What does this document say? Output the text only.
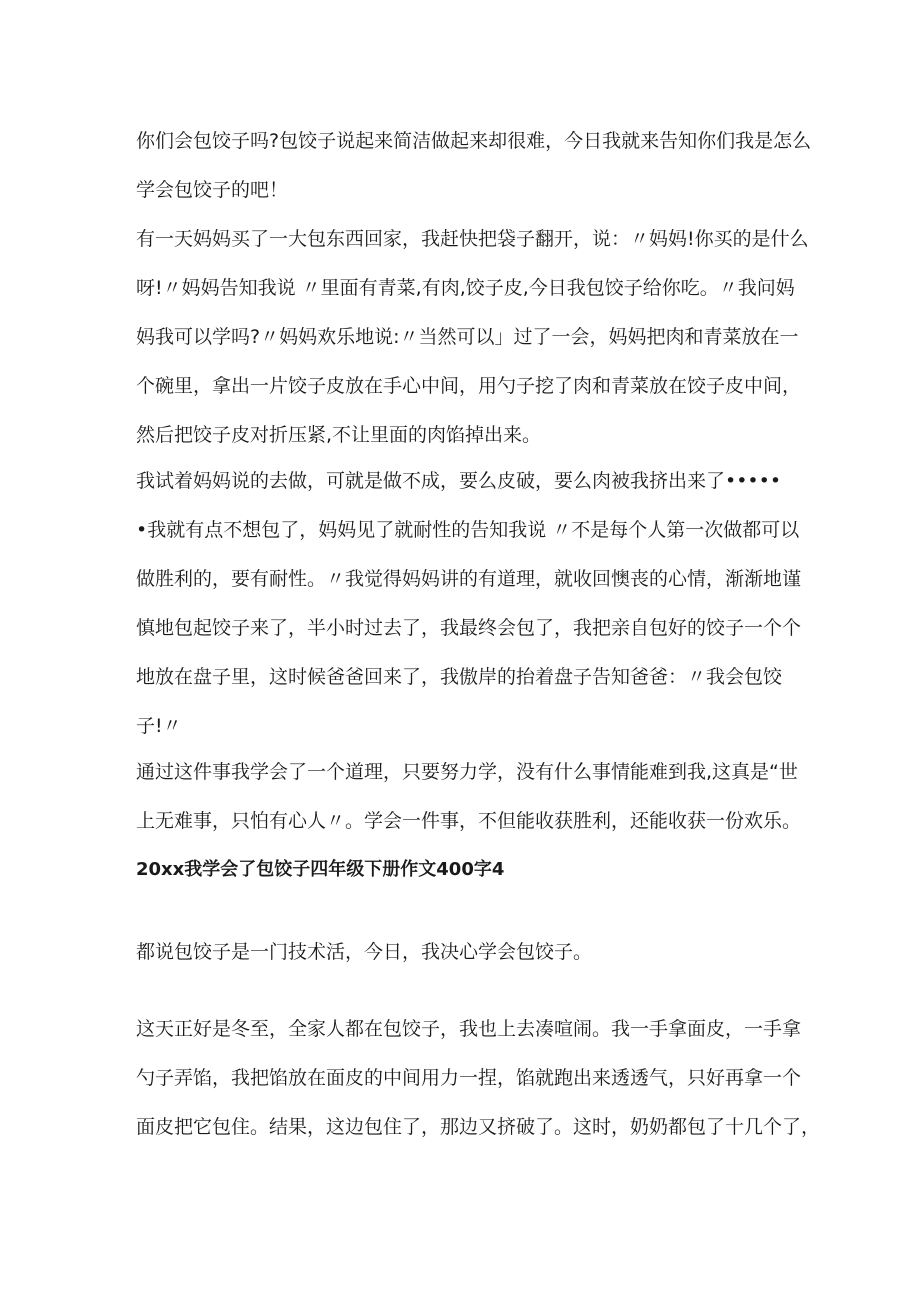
你们会包饺子吗?包饺子说起来简洁做起来却很难，今日我就来告知你们我是怎么
学会包饺子的吧！
有一天妈妈买了一大包东西回家，我赶快把袋子翻开，说：〃妈妈!你买的是什么
呀!〃妈妈告知我说 〃里面有青菜,有肉,饺子皮,今日我包饺子给你吃。〃我问妈
妈我可以学吗?〃妈妈欢乐地说:〃当然可以」过了一会，妈妈把肉和青菜放在一
个碗里，拿出一片饺子皮放在手心中间，用勺子挖了肉和青菜放在饺子皮中间，
然后把饺子皮对折压紧,不让里面的肉馅掉出来。
我试着妈妈说的去做，可就是做不成，要么皮破，要么肉被我挤出来了•••••
•我就有点不想包了，妈妈见了就耐性的告知我说 〃不是每个人第一次做都可以
做胜利的，要有耐性。〃我觉得妈妈讲的有道理，就收回懊丧的心情，渐渐地谨
慎地包起饺子来了，半小时过去了，我最终会包了，我把亲自包好的饺子一个个
地放在盘子里，这时候爸爸回来了，我傲岸的抬着盘子告知爸爸：〃我会包饺
子!〃
通过这件事我学会了一个道理，只要努力学，没有什么事情能难到我,这真是“世
上无难事，只怕有心人〃。学会一件事，不但能收获胜利，还能收获一份欢乐。
20xx我学会了包饺子四年级下册作文400字4
都说包饺子是一门技术活，今日，我决心学会包饺子。
这天正好是冬至，全家人都在包饺子，我也上去凑喧闹。我一手拿面皮，一手拿
勺子弄馅，我把馅放在面皮的中间用力一捏，馅就跑出来透透气，只好再拿一个
面皮把它包住。结果，这边包住了，那边又挤破了。这时，奶奶都包了十几个了，
